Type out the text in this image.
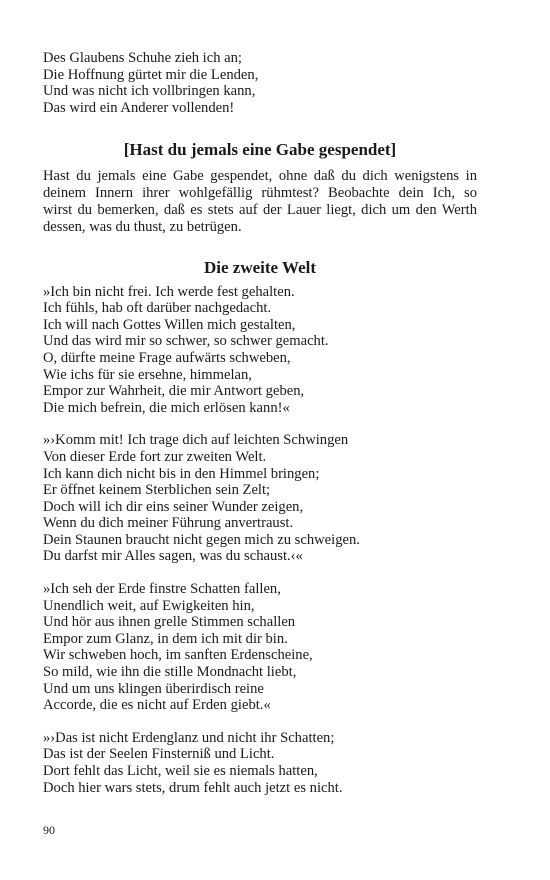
Des Glaubens Schuhe zieh ich an;
Die Hoffnung gürtet mir die Lenden,
Und was nicht ich vollbringen kann,
Das wird ein Anderer vollenden!
[Hast du jemals eine Gabe gespendet]

Hast du jemals eine Gabe gespendet, ohne daß du dich wenigstens in
deinem Innern ihrer wohlgefällig rühmtest? Beobachte dein Ich, so
wirst du bemerken, daß es stets auf der Lauer liegt, dich um den Werth
dessen, was du thust, zu betrügen.

Die zweite Welt
»Ich bin nicht frei. Ich werde fest gehalten.
Ich fühls, hab oft darüber nachgedacht.
Ich will nach Gottes Willen mich gestalten,
Und das wird mir so schwer, so schwer gemacht.
O, dürfte meine Frage aufwärts schweben,
Wie ichs für sie ersehne, himmelan,
Empor zur Wahrheit, die mir Antwort geben,
Die mich befrein, die mich erlösen kann!«
»›Komm mit! Ich trage dich auf leichten Schwingen
Von dieser Erde fort zur zweiten Welt.
Ich kann dich nicht bis in den Himmel bringen;
Er öffnet keinem Sterblichen sein Zelt;
Doch will ich dir eins seiner Wunder zeigen,
Wenn du dich meiner Führung anvertraust.
Dein Staunen braucht nicht gegen mich zu schweigen.
Du darfst mir Alles sagen, was du schaust.‹«
»Ich seh der Erde finstre Schatten fallen,
Unendlich weit, auf Ewigkeiten hin,
Und hör aus ihnen grelle Stimmen schallen
Empor zum Glanz, in dem ich mit dir bin.
Wir schweben hoch, im sanften Erdenscheine,
So mild, wie ihn die stille Mondnacht liebt,
Und um uns klingen überirdisch reine
Accorde, die es nicht auf Erden giebt.«
»›Das ist nicht Erdenglanz und nicht ihr Schatten;
Das ist der Seelen Finsterniß und Licht.
Dort fehlt das Licht, weil sie es niemals hatten,
Doch hier wars stets, drum fehlt auch jetzt es nicht.
90
